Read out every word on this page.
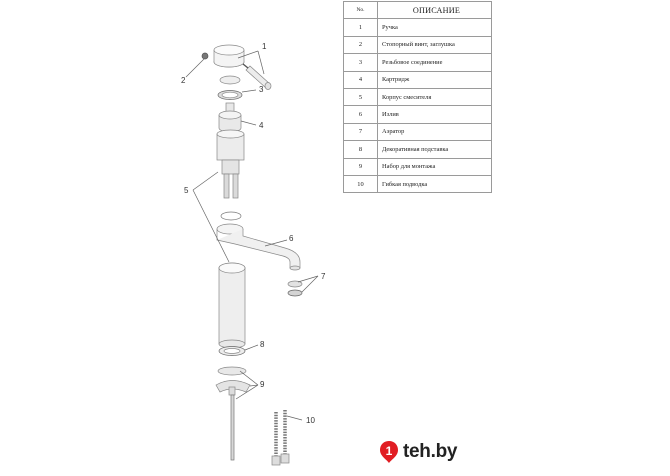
1
2
3
4
5
6
7
8
9
10
No.	ОПИСАНИЕ
1	Ручка
2	Стопорный винт, заглушка
3	Резьбовое соединение
4	Картридж
5	Корпус смесителя
6	Излив
7	Аэратор
8	Декоративная подставка
9	Набор для монтажа
10	Гибкая подводка
1 teh.by
